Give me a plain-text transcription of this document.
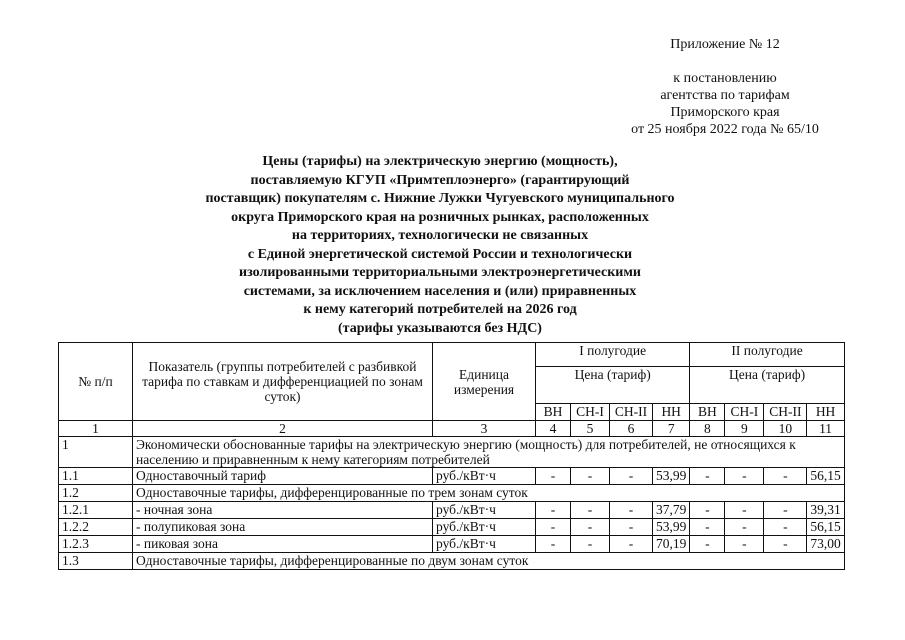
Приложение № 12
к постановлению
агентства по тарифам
Приморского края
от 25 ноября 2022 года № 65/10
Цены (тарифы) на электрическую энергию (мощность),
поставляемую КГУП «Примтеплоэнерго» (гарантирующий
поставщик) покупателям с. Нижние Лужки Чугуевского муниципального
округа Приморского края на розничных рынках, расположенных
на территориях, технологически не связанных
с Единой энергетической системой России и технологически
изолированными территориальными электроэнергетическими
системами, за исключением населения и (или) приравненных
к нему категорий потребителей на 2026 год
(тарифы указываются без НДС)
№ п/п	Показатель (группы потребителей с разбивкой тарифа по ставкам и дифференциацией по зонам суток)	Единица измерения	I полугодие				II полугодие			
			Цена (тариф)				Цена (тариф)			
			ВН	СН-I	СН-II	НН	ВН	СН-I	СН-II	НН
1	2	3	4	5	6	7	8	9	10	11
1	Экономически обоснованные тарифы на электрическую энергию (мощность) для потребителей, не относящихся к населению и приравненным к нему категориям потребителей									
1.1	Одноставочный тариф	руб./кВт·ч	-	-	-	53,99	-	-	-	56,15
1.2	Одноставочные тарифы, дифференцированные по трем зонам суток									
1.2.1	- ночная зона	руб./кВт·ч	-	-	-	37,79	-	-	-	39,31
1.2.2	- полупиковая зона	руб./кВт·ч	-	-	-	53,99	-	-	-	56,15
1.2.3	- пиковая зона	руб./кВт·ч	-	-	-	70,19	-	-	-	73,00
1.3	Одноставочные тарифы, дифференцированные по двум зонам суток									
